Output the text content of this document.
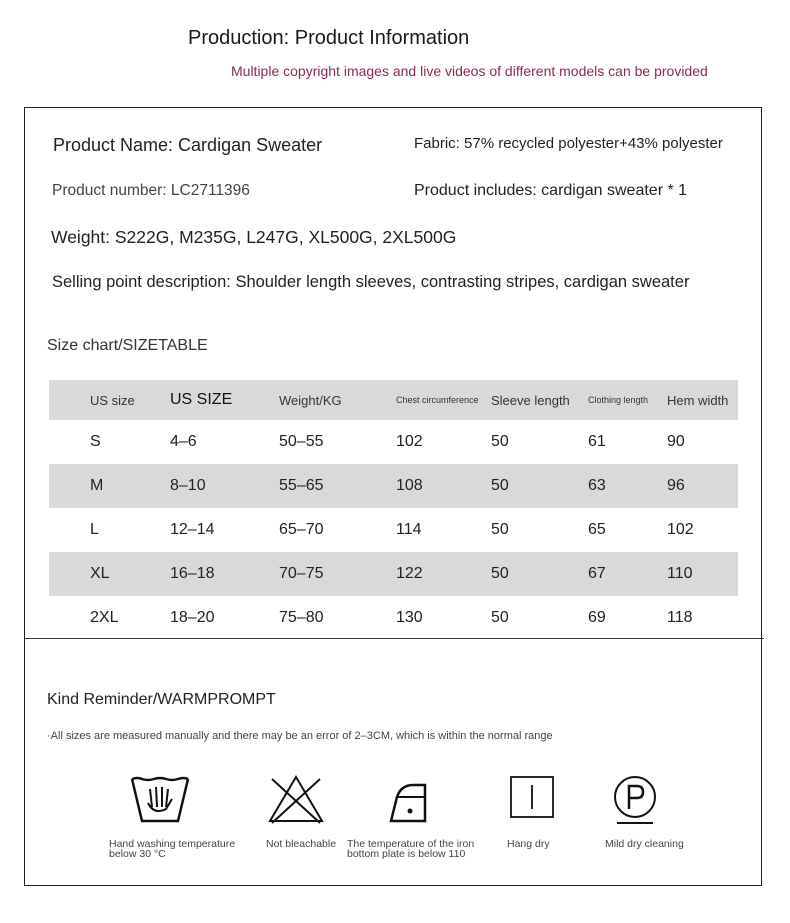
Production: Product Information
Multiple copyright images and live videos of different models can be provided
Product Name: Cardigan Sweater	Fabric: 57% recycled polyester+43% polyester
Product number: LC2711396	Product includes: cardigan sweater * 1
Weight: S222G, M235G, L247G, XL500G, 2XL500G
Selling point description: Shoulder length sleeves, contrasting stripes, cardigan sweater
Size chart/SIZETABLE
US size	US SIZE	Weight/KG	Chest circumference	Sleeve length	Clothing length	Hem width
S	4–6	50–55	102	50	61	90
M	8–10	55–65	108	50	63	96
L	12–14	65–70	114	50	65	102
XL	16–18	70–75	122	50	67	110
2XL	18–20	75–80	130	50	69	118
Kind Reminder/WARMPROMPT
·All sizes are measured manually and there may be an error of 2–3CM, which is within the normal range
Hand washing temperature below 30 °C
Not bleachable	The temperature of the iron bottom plate is below 110
Hang dry	Mild dry cleaning
